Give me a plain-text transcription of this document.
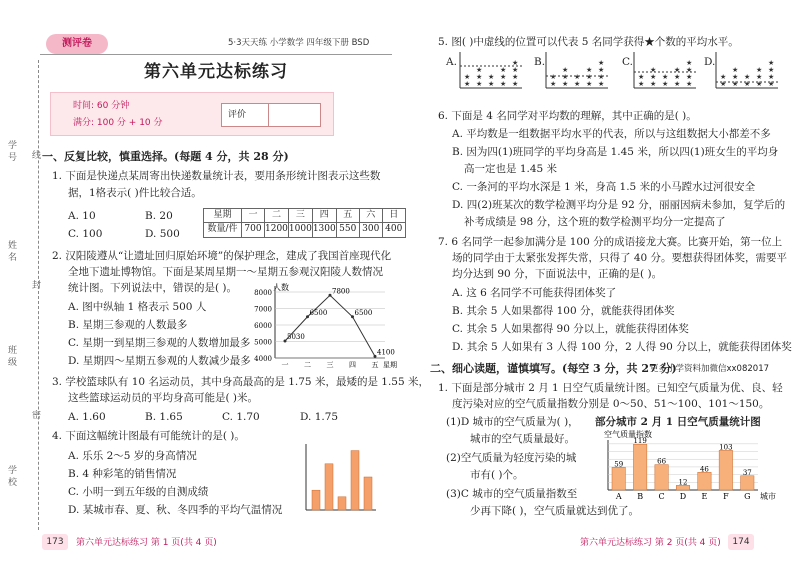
学号
姓名
班级
学校
线
封
密
测评卷	5·3天天练 小学数学 四年级下册 BSD
第六单元达标练习
时间: 60 分钟
满分: 100 分 + 10 分
评价
一、反复比较，慎重选择。(每题 4 分，共 28 分)
1. 下面是快递点某周寄出快递数量统计表，要用条形统计图表示这些数
据，1格表示( )件比较合适。
A. 10	B. 20
C. 100	D. 500
星期	一	二	三	四	五	六	日
数量/件	700	1200	1000	1300	550	300	400
2. 汉阳陵遵从“让遗址回归原始环境”的保护理念，建成了我国首座现代化
全地下遗址博物馆。下面是某周星期一～星期五参观汉阳陵人数情况
统计图。下列说法中，错误的是( )。
A. 图中纵轴 1 格表示 500 人
B. 星期三参观的人数最多
C. 星期一到星期三参观的人数增加最多
D. 星期四～星期五参观的人数减少最多
人数
4000
5000
6000
7000
8000
5030
一
6500
二
7800
三
6500
四
4100
五 星期
3. 学校篮球队有 10 名运动员，其中身高最高的是 1.75 米，最矮的是 1.55 米，
这些篮球运动员的平均身高可能是( )米。
A. 1.60	B. 1.65	C. 1.70	D. 1.75
4. 下面这幅统计图最有可能统计的是( )。
A. 乐乐 2～5 岁的身高情况
B. 4 种彩笔的销售情况
C. 小明一到五年级的自测成绩
D. 某城市春、夏、秋、冬四季的平均气温情况
5. 图( )中虚线的位置可以代表 5 名同学获得★个数的平均水平。
A.	B.	C.	D.
★
★
★
★
★
★
★
★
★
★
★
★
★
★
★
★
★
★
★
★
★
★
★
★
★
★
★
★
★
★
★
★
★
★
★
★
★
★
★
★
★
★
★
★
★
★
★
★
★
★
★
★
★
★
★
★
6. 下面是 4 名同学对平均数的理解，其中正确的是( )。
A. 平均数是一组数据平均水平的代表，所以与这组数据大小都差不多
B. 因为四(1)班同学的平均身高是 1.45 米，所以四(1)班女生的平均身
高一定也是 1.45 米
C. 一条河的平均水深是 1 米，身高 1.5 米的小马蹚水过河很安全
D. 四(2)班某次的数学检测平均分是 92 分，丽丽因病未参加，复学后的
补考成绩是 98 分，这个班的数学检测平均分一定提高了
7. 6 名同学一起参加满分是 100 分的成语接龙大赛。比赛开始，第一位上
场的同学由于太紧张发挥失常，只得了 40 分。要想获得团体奖，需要平
均分达到 90 分，下面说法中，正确的是( )。
A. 这 6 名同学不可能获得团体奖了
B. 其余 5 人如果都得 100 分，就能获得团体奖
C. 其余 5 人如果都得 90 分以上，就能获得团体奖
D. 其余 5 人如果有 3 人得 100 分，2 人得 90 分以上，就能获得团体奖
二、细心读题，谨慎填写。(每空 3 分，共 27 分)
更多小学资料加微信xx082017
1. 下面是部分城市 2 月 1 日空气质量统计图。已知空气质量为优、良、轻
度污染对应的空气质量指数分别是 0～50、51～100、101～150。
(1)D 城市的空气质量为( )，
城市的空气质量最好。
(2)空气质量为轻度污染的城
市有( )个。
(3)C 城市的空气质量指数至
少再下降( )，空气质量就达到优了。
部分城市 2 月 1 日空气质量统计图
空气质量指数
59
A
119
B
66
C
12
D
46
E
103
F
37
G 城市
173	第六单元达标练习 第 1 页(共 4 页)	第六单元达标练习 第 2 页(共 4 页)	174
